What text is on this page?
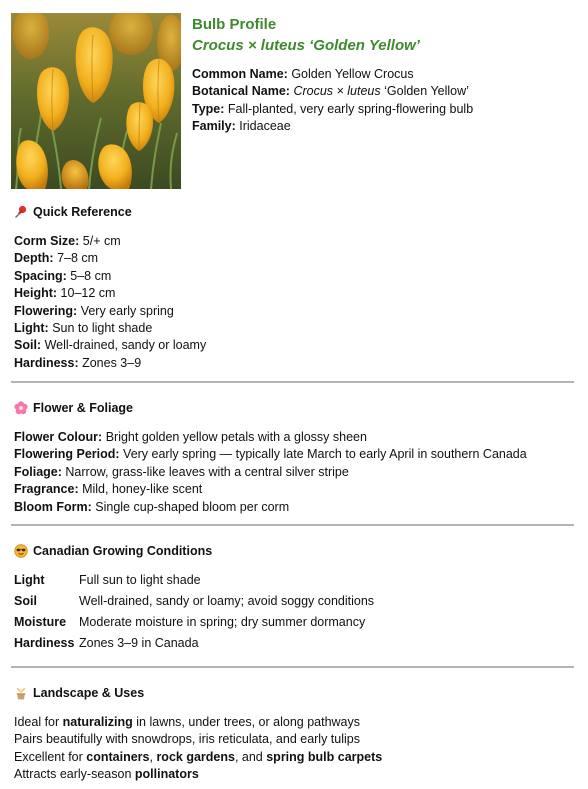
Bulb Profile
Crocus × luteus ‘Golden Yellow’
Common Name: Golden Yellow Crocus
Botanical Name: Crocus × luteus ‘Golden Yellow’
Type: Fall-planted, very early spring-flowering bulb
Family: Iridaceae
Quick Reference
Corm Size: 5/+ cm
Depth: 7–8 cm
Spacing: 5–8 cm
Height: 10–12 cm
Flowering: Very early spring
Light: Sun to light shade
Soil: Well-drained, sandy or loamy
Hardiness: Zones 3–9
Flower & Foliage
Flower Colour: Bright golden yellow petals with a glossy sheen
Flowering Period: Very early spring — typically late March to early April in southern Canada
Foliage: Narrow, grass-like leaves with a central silver stripe
Fragrance: Mild, honey-like scent
Bloom Form: Single cup-shaped bloom per corm
Canadian Growing Conditions
Light	Full sun to light shade
Soil	Well-drained, sandy or loamy; avoid soggy conditions
Moisture	Moderate moisture in spring; dry summer dormancy
Hardiness Zones 3–9 in Canada
Landscape & Uses
Ideal for naturalizing in lawns, under trees, or along pathways
Pairs beautifully with snowdrops, iris reticulata, and early tulips
Excellent for containers, rock gardens, and spring bulb carpets
Attracts early-season pollinators
